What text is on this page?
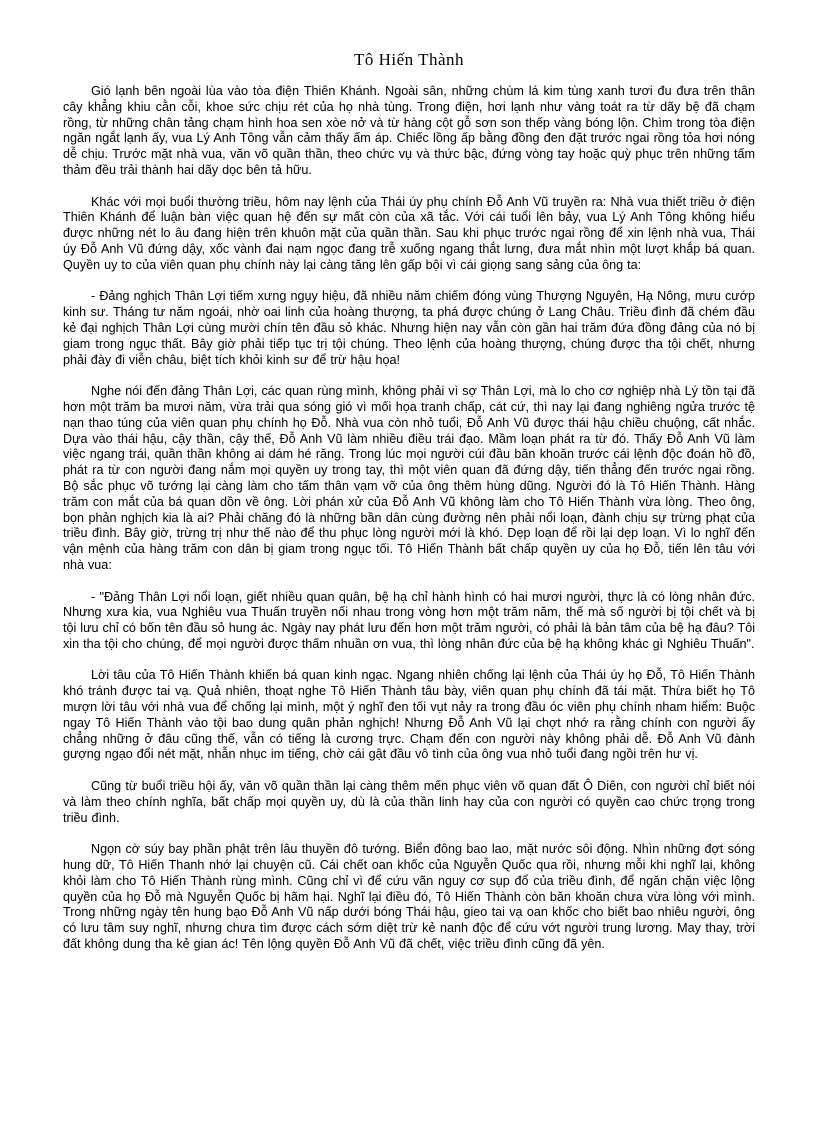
Tô Hiến Thành

Gió lạnh bên ngoài lùa vào tòa điện Thiên Khánh. Ngoài sân, những chùm lá kim tùng xanh tươi đu đưa trên thân cây khẳng khiu cằn cỗi, khoe sức chịu rét của họ nhà tùng. Trong điện, hơi lạnh như vàng toát ra từ dãy bệ đã chạm rồng, từ những chân tảng chạm hình hoa sen xòe nở và từ hàng cột gỗ sơn son thếp vàng bóng lộn. Chìm trong tòa điện ngăn ngắt lạnh ấy, vua Lý Anh Tông vẫn cảm thấy ấm áp. Chiếc lồng ấp bằng đồng đen đặt trước ngai rồng tỏa hơi nóng dễ chịu. Trước mặt nhà vua, văn võ quần thần, theo chức vụ và thức bậc, đứng vòng tay hoặc quỳ phục trên những tấm thảm đều trải thành hai dãy dọc bên tả hữu.

Khác với mọi buổi thường triều, hôm nay lệnh của Thái úy phụ chính Đỗ Anh Vũ truyền ra: Nhà vua thiết triều ở điện Thiên Khánh để luận bàn việc quan hệ đến sự mất còn của xã tắc. Với cái tuổi lên bảy, vua Lý Anh Tông không hiểu được những nét lo âu đang hiện trên khuôn mặt của quần thần. Sau khi phục trước ngai rồng để xin lệnh nhà vua, Thái úy Đỗ Anh Vũ đứng dậy, xốc vành đai nạm ngọc đang trễ xuống ngang thắt lưng, đưa mắt nhìn một lượt khắp bá quan. Quyền uy to của viên quan phụ chính này lại càng tăng lên gấp bội vì cái giọng sang sảng của ông ta:

- Đảng nghịch Thân Lợi tiếm xưng ngụy hiệu, đã nhiều năm chiếm đóng vùng Thượng Nguyên, Hạ Nông, mưu cướp kinh sư. Tháng tư năm ngoái, nhờ oai linh của hoàng thượng, ta phá được chúng ở Lang Châu. Triều đình đã chém đầu kẻ đại nghịch Thân Lợi cùng mười chín tên đầu sỏ khác. Nhưng hiện nay vẫn còn gần hai trăm đứa đồng đảng của nó bị giam trong ngục thất. Bây giờ phải tiếp tục trị tội chúng. Theo lệnh của hoàng thượng, chúng được tha tội chết, nhưng phải đày đi viễn châu, biệt tích khỏi kinh sư để trừ hậu họa!

Nghe nói đến đảng Thân Lợi, các quan rùng mình, không phải vì sợ Thân Lợi, mà lo cho cơ nghiệp nhà Lý tồn tại đã hơn một trăm ba mươi năm, vừa trải qua sóng gió vì mối họa tranh chấp, cát cứ, thì nay lại đang nghiêng ngửa trước tệ nạn thao túng của viên quan phụ chính họ Đỗ. Nhà vua còn nhỏ tuổi, Đỗ Anh Vũ được thái hậu chiều chuộng, cất nhắc. Dựa vào thái hậu, cậy thần, cậy thế, Đỗ Anh Vũ làm nhiều điều trái đạo. Mầm loạn phát ra từ đó. Thấy Đỗ Anh Vũ làm việc ngang trái, quần thần không ai dám hé răng. Trong lúc mọi người cúi đầu băn khoăn trước cái lệnh độc đoán hồ đồ, phát ra từ con người đang nắm mọi quyền uy trong tay, thì một viên quan đã đứng dậy, tiến thẳng đến trước ngai rồng. Bộ sắc phục võ tướng lại càng làm cho tấm thân vạm vỡ của ông thêm hùng dũng. Người đó là Tô Hiến Thành. Hàng trăm con mắt của bá quan dồn về ông. Lời phán xử của Đỗ Anh Vũ không làm cho Tô Hiến Thành vừa lòng. Theo ông, bọn phản nghịch kia là ai? Phải chăng đó là những bần dân cùng đường nên phải nổi loạn, đành chịu sự trừng phạt của triều đình. Bây giờ, trừng trị như thế nào để thu phục lòng người mới là khó. Dẹp loạn để rồi lại dẹp loạn. Vì lo nghĩ đến vận mệnh của hàng trăm con dân bị giam trong ngục tối. Tô Hiến Thành bất chấp quyền uy của họ Đỗ, tiến lên tâu với nhà vua:

- "Đảng Thân Lợi nổi loạn, giết nhiều quan quân, bệ hạ chỉ hành hình có hai mươi người, thực là có lòng nhân đức. Nhưng xưa kia, vua Nghiêu vua Thuấn truyền nối nhau trong vòng hơn một trăm năm, thế mà số người bị tội chết và bị tội lưu chỉ có bốn tên đầu sỏ hung ác. Ngày nay phát lưu đến hơn một trăm người, có phải là bản tâm của bệ hạ đâu? Tôi xin tha tội cho chúng, để mọi người được thấm nhuần ơn vua, thì lòng nhân đức của bệ hạ không khác gì Nghiêu Thuấn".

Lời tâu của Tô Hiến Thành khiến bá quan kinh ngạc. Ngang nhiên chống lại lệnh của Thái úy họ Đỗ, Tô Hiến Thành khó tránh được tai vạ. Quả nhiên, thoạt nghe Tô Hiến Thành tâu bày, viên quan phụ chính đã tái mặt. Thừa biết họ Tô mượn lời tâu với nhà vua để chống lại mình, một ý nghĩ đen tối vụt nảy ra trong đầu óc viên phụ chính nham hiểm: Buộc ngay Tô Hiến Thành vào tội bao dung quân phản nghịch! Nhưng Đỗ Anh Vũ lại chợt nhớ ra rằng chính con người ấy chẳng những ở đâu cũng thế, vẫn có tiếng là cương trực. Chạm đến con người này không phải dễ. Đỗ Anh Vũ đành gượng ngạo đổi nét mặt, nhẫn nhục im tiếng, chờ cái gật đầu vô tình của ông vua nhỏ tuổi đang ngồi trên hư vị.

Cũng từ buổi triều hội ấy, văn võ quần thần lại càng thêm mến phục viên võ quan đất Ô Diên, con người chỉ biết nói và làm theo chính nghĩa, bất chấp mọi quyền uy, dù là của thần linh hay của con người có quyền cao chức trọng trong triều đình.

Ngọn cờ súy bay phần phật trên lâu thuyền đô tướng. Biển đông bao lao, mặt nước sôi động. Nhìn những đợt sóng hung dữ, Tô Hiến Thanh nhớ lại chuyện cũ. Cái chết oan khốc của Nguyễn Quốc qua rồi, nhưng mỗi khi nghĩ lại, không khỏi làm cho Tô Hiến Thành rùng mình. Cũng chỉ vì để cứu vãn nguy cơ sụp đổ của triều đình, để ngăn chặn việc lộng quyền của họ Đỗ mà Nguyễn Quốc bị hãm hại. Nghĩ lại điều đó, Tô Hiến Thành còn băn khoăn chưa vừa lòng với mình. Trong những ngày tên hung bạo Đỗ Anh Vũ nấp dưới bóng Thái hậu, gieo tai vạ oan khốc cho biết bao nhiêu người, ông có lưu tâm suy nghĩ, nhưng chưa tìm được cách sớm diệt trừ kẻ nanh độc để cứu vớt người trung lương. May thay, trời đất không dung tha kẻ gian ác! Tên lộng quyền Đỗ Anh Vũ đã chết, việc triều đình cũng đã yên.
